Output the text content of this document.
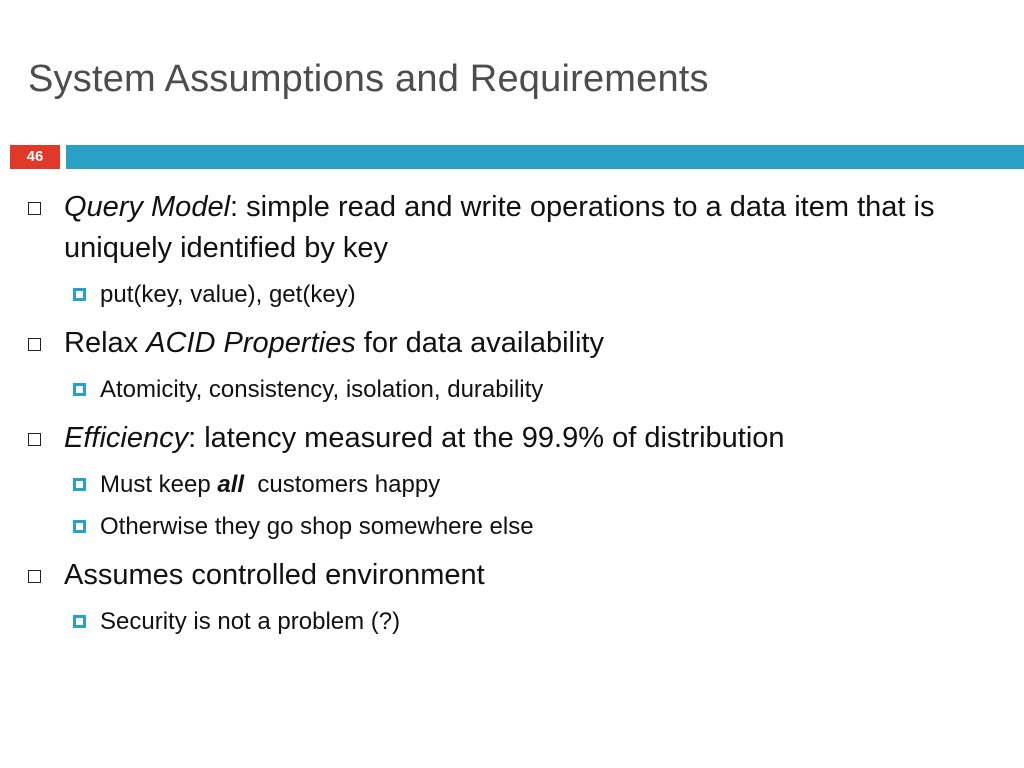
System Assumptions and Requirements
46
Query Model: simple read and write operations to a data item that is uniquely identified by key
put(key, value), get(key)
Relax ACID Properties for data availability
Atomicity, consistency, isolation, durability
Efficiency: latency measured at the 99.9% of distribution
Must keep all  customers happy
Otherwise they go shop somewhere else
Assumes controlled environment
Security is not a problem (?)
